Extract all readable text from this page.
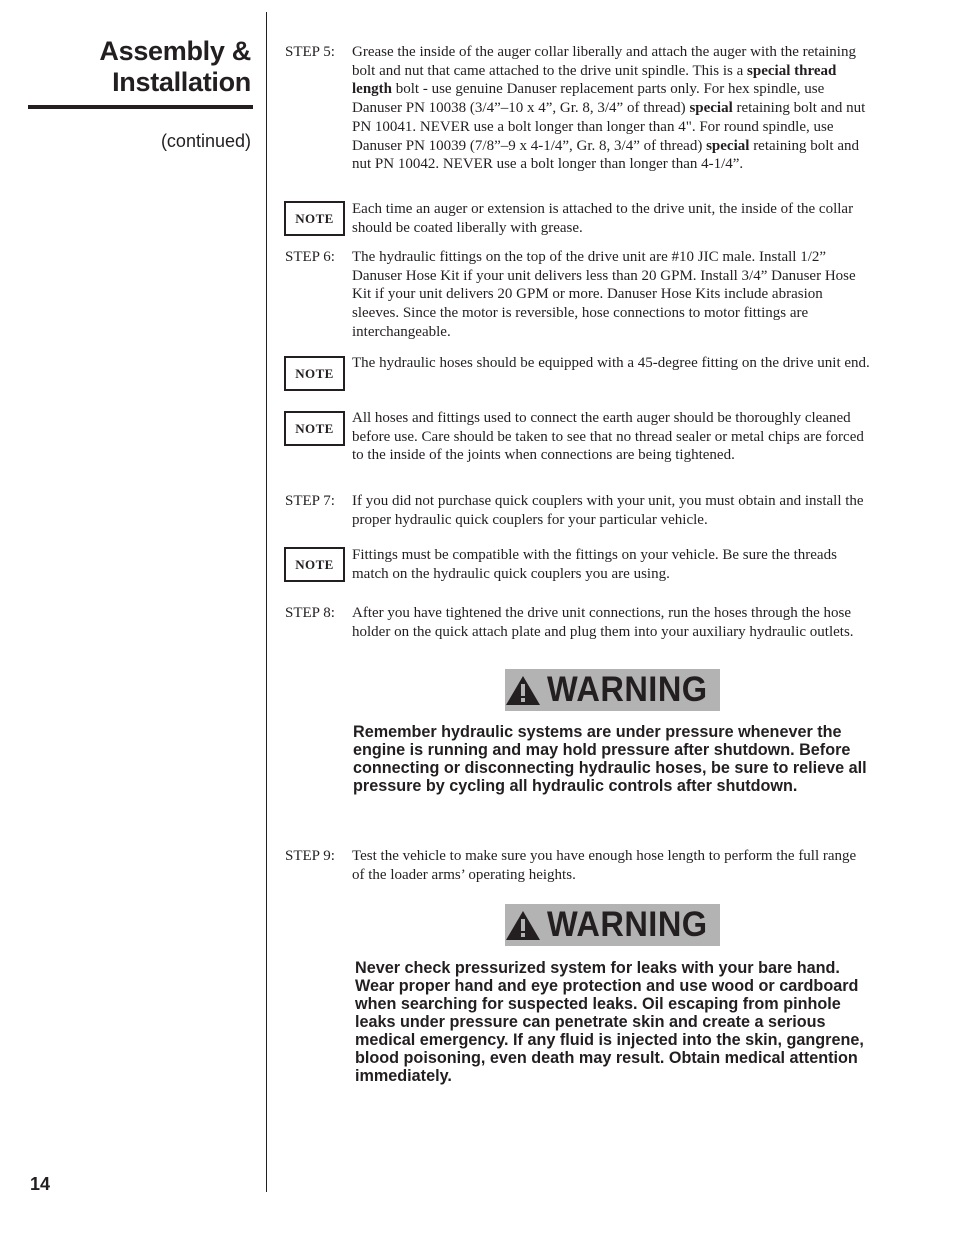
Assembly &
Installation
(continued)
14
STEP 5: Grease the inside of the auger collar liberally and attach the auger with the retaining bolt and nut that came attached to the drive unit spindle. This is a special thread length bolt - use genuine Danuser replacement parts only. For hex spindle, use Danuser PN 10038 (3/4”–10 x 4”, Gr. 8, 3/4” of thread) special retaining bolt and nut PN 10041. NEVER use a bolt longer than longer than 4". For round spindle, use Danuser PN 10039 (7/8”–9 x 4-1/4”, Gr. 8, 3/4” of thread) special retaining bolt and nut PN 10042. NEVER use a bolt longer than longer than 4-1/4”.
NOTE
Each time an auger or extension is attached to the drive unit, the inside of the collar should be coated liberally with grease.
STEP 6: The hydraulic fittings on the top of the drive unit are #10 JIC male. Install 1/2” Danuser Hose Kit if your unit delivers less than 20 GPM. Install 3/4” Danuser Hose Kit if your unit delivers 20 GPM or more. Danuser Hose Kits include abrasion sleeves. Since the motor is reversible, hose connections to motor fittings are interchangeable.
NOTE
The hydraulic hoses should be equipped with a 45-degree fitting on the drive unit end.
NOTE
All hoses and fittings used to connect the earth auger should be thoroughly cleaned before use. Care should be taken to see that no thread sealer or metal chips are forced to the inside of the joints when connections are being tightened.
STEP 7: If you did not purchase quick couplers with your unit, you must obtain and install the proper hydraulic quick couplers for your particular vehicle.
NOTE
Fittings must be compatible with the fittings on your vehicle. Be sure the threads match on the hydraulic quick couplers you are using.
STEP 8: After you have tightened the drive unit connections, run the hoses through the hose holder on the quick attach plate and plug them into your auxiliary hydraulic outlets.
WARNING
Remember hydraulic systems are under pressure whenever the engine is running and may hold pressure after shutdown. Before connecting or disconnecting hydraulic hoses, be sure to relieve all pressure by cycling all hydraulic controls after shutdown.
STEP 9: Test the vehicle to make sure you have enough hose length to perform the full range of the loader arms’ operating heights.
WARNING
Never check pressurized system for leaks with your bare hand. Wear proper hand and eye protection and use wood or cardboard when searching for suspected leaks. Oil escaping from pinhole leaks under pressure can penetrate skin and create a serious medical emergency. If any fluid is injected into the skin, gangrene, blood poisoning, even death may result. Obtain medical attention immediately.
